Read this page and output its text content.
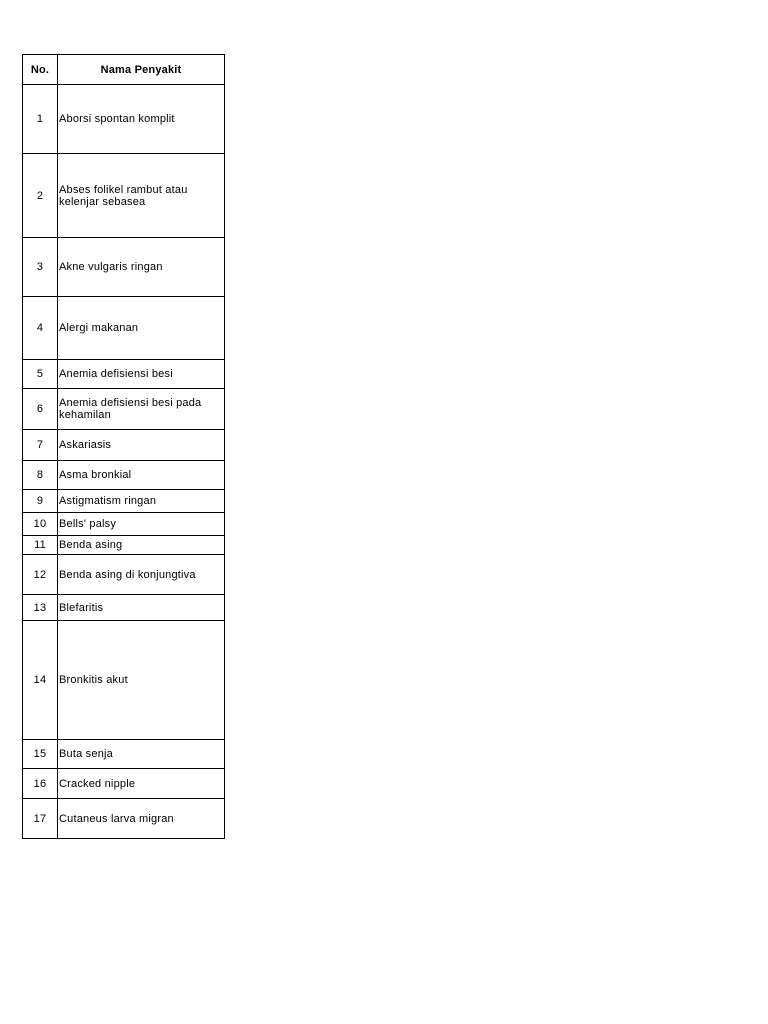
No.	Nama Penyakit
1	Aborsi spontan komplit
2	Abses folikel rambut atau kelenjar sebasea
3	Akne vulgaris ringan
4	Alergi makanan
5	Anemia defisiensi besi
6	Anemia defisiensi besi pada kehamilan
7	Askariasis
8	Asma bronkial
9	Astigmatism ringan
10	Bells' palsy
11	Benda asing
12	Benda asing di konjungtiva
13	Blefaritis
14	Bronkitis akut
15	Buta senja
16	Cracked nipple
17	Cutaneus larva migran
